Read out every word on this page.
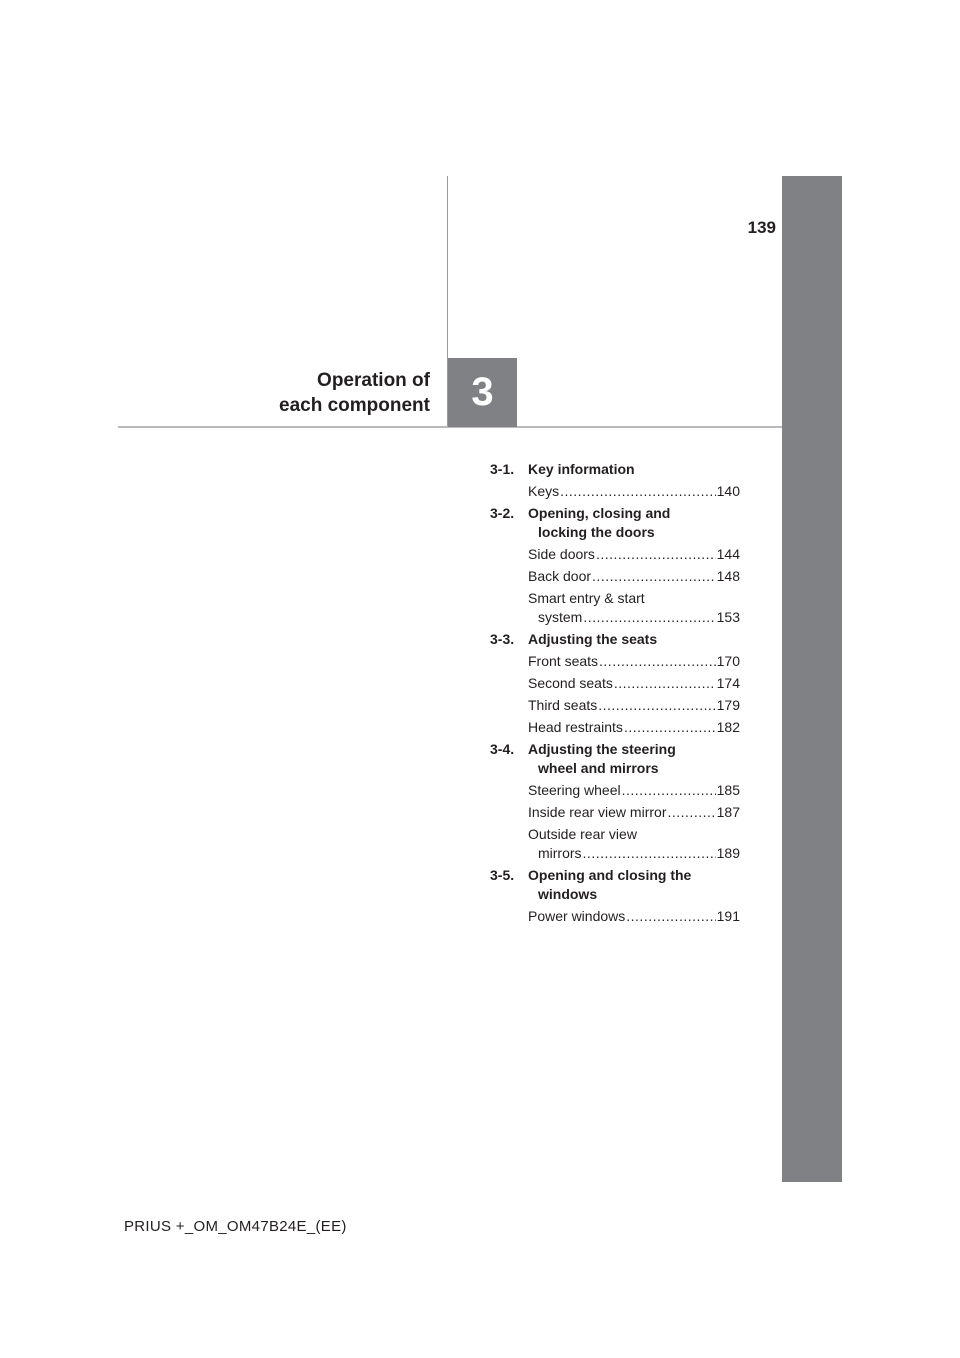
139
Operation of
each component	3
3-1. Key information
Keys .....	140
3-2. Opening, closing and
locking the doors
Side doors .....	144
Back door .....	148
Smart entry & start
system .....	153
3-3. Adjusting the seats
Front seats .....	170
Second seats .....	174
Third seats .....	179
Head restraints .....	182
3-4. Adjusting the steering
wheel and mirrors
Steering wheel .....	185
Inside rear view mirror .....	187
Outside rear view
mirrors .....	189
3-5. Opening and closing the
windows
Power windows .....	191
PRIUS +_OM_OM47B24E_(EE)
